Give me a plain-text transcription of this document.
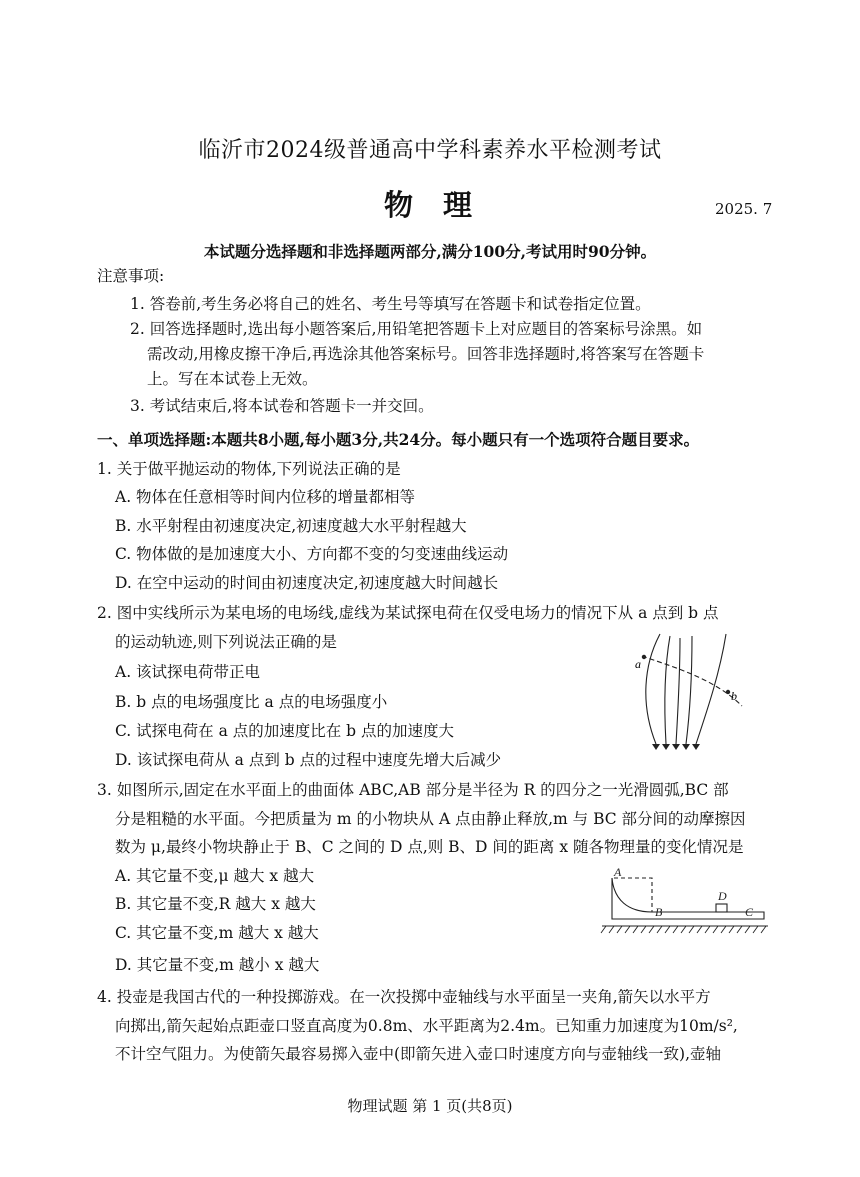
临沂市2024级普通高中学科素养水平检测考试
物理	2025. 7
本试题分选择题和非选择题两部分,满分100分,考试用时90分钟。
注意事项:
1. 答卷前,考生务必将自己的姓名、考生号等填写在答题卡和试卷指定位置。
2. 回答选择题时,选出每小题答案后,用铅笔把答题卡上对应题目的答案标号涂黑。如
需改动,用橡皮擦干净后,再选涂其他答案标号。回答非选择题时,将答案写在答题卡
上。写在本试卷上无效。
3. 考试结束后,将本试卷和答题卡一并交回。
一、单项选择题:本题共8小题,每小题3分,共24分。每小题只有一个选项符合题目要求。
1. 关于做平抛运动的物体,下列说法正确的是
A. 物体在任意相等时间内位移的增量都相等
B. 水平射程由初速度决定,初速度越大水平射程越大
C. 物体做的是加速度大小、方向都不变的匀变速曲线运动
D. 在空中运动的时间由初速度决定,初速度越大时间越长
2. 图中实线所示为某电场的电场线,虚线为某试探电荷在仅受电场力的情况下从 a 点到 b 点
的运动轨迹,则下列说法正确的是
A. 该试探电荷带正电
B. b 点的电场强度比 a 点的电场强度小
C. 试探电荷在 a 点的加速度比在 b 点的加速度大
D. 该试探电荷从 a 点到 b 点的过程中速度先增大后减少
a
b
3. 如图所示,固定在水平面上的曲面体 ABC,AB 部分是半径为 R 的四分之一光滑圆弧,BC 部
分是粗糙的水平面。今把质量为 m 的小物块从 A 点由静止释放,m 与 BC 部分间的动摩擦因
数为 μ,最终小物块静止于 B、C 之间的 D 点,则 B、D 间的距离 x 随各物理量的变化情况是
A. 其它量不变,μ 越大 x 越大
B. 其它量不变,R 越大 x 越大
C. 其它量不变,m 越大 x 越大
D. 其它量不变,m 越小 x 越大
A
B	C
D
4. 投壶是我国古代的一种投掷游戏。在一次投掷中壶轴线与水平面呈一夹角,箭矢以水平方
向掷出,箭矢起始点距壶口竖直高度为0.8m、水平距离为2.4m。已知重力加速度为10m/s²,
不计空气阻力。为使箭矢最容易掷入壶中(即箭矢进入壶口时速度方向与壶轴线一致),壶轴
物理试题 第 1 页(共8页)
